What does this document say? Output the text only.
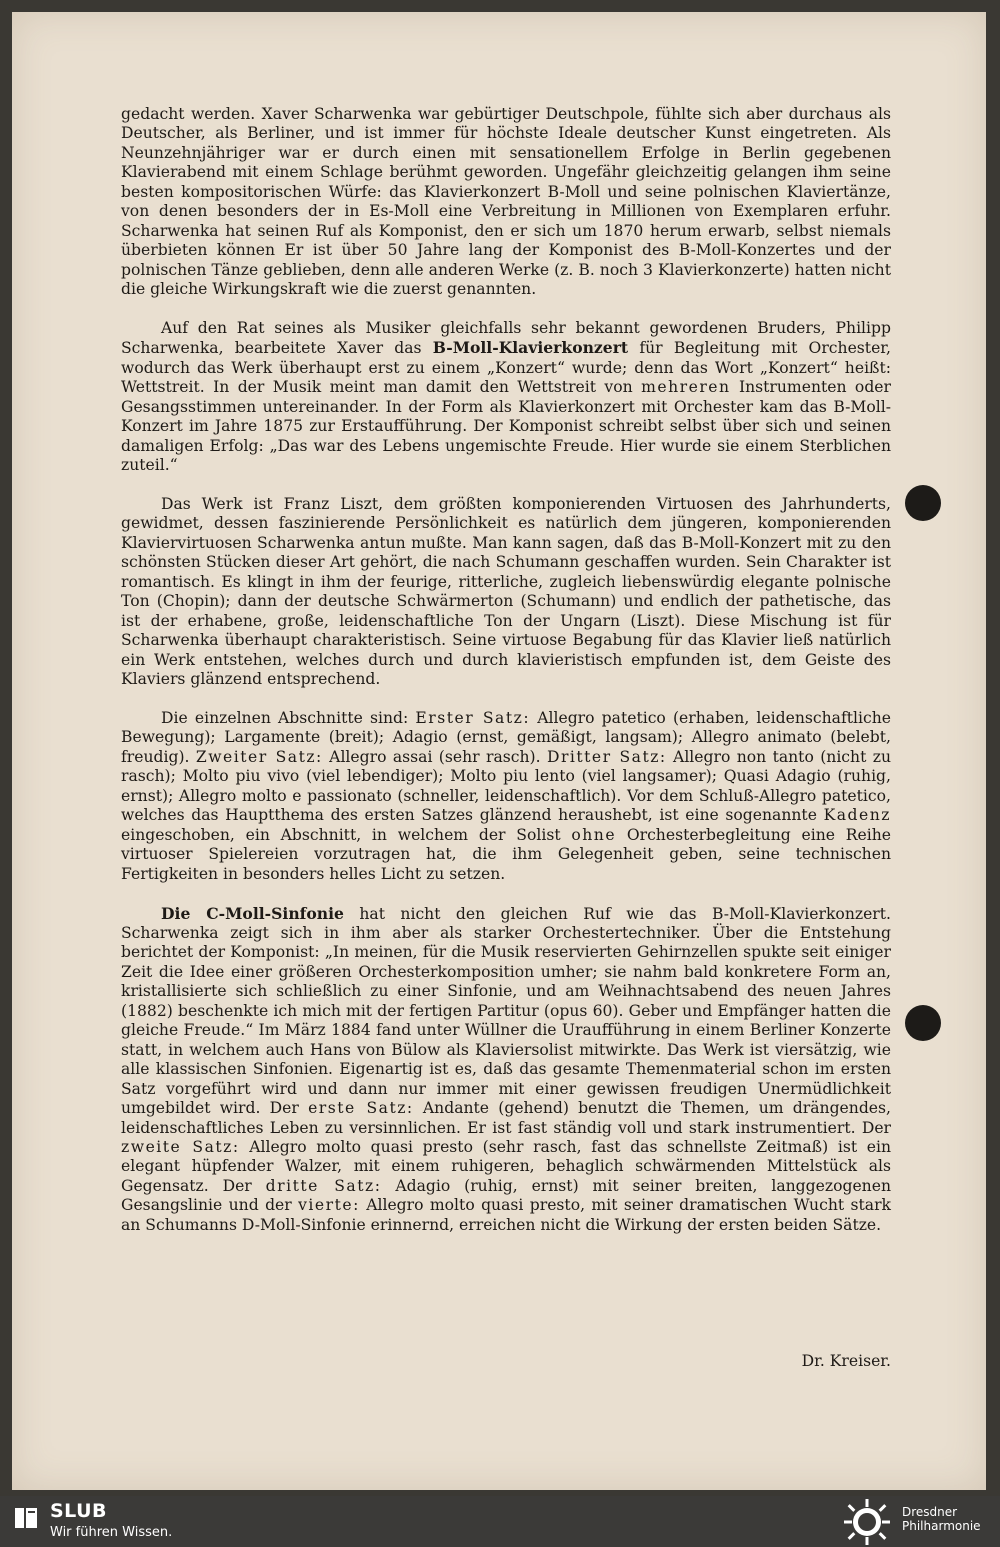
gedacht werden. Xaver Scharwenka war gebürtiger Deutschpole, fühlte sich aber durchaus als Deutscher, als Berliner, und ist immer für höchste Ideale deutscher Kunst eingetreten. Als Neunzehnjähriger war er durch einen mit sensationellem Erfolge in Berlin gegebenen Klavierabend mit einem Schlage berühmt geworden. Ungefähr gleichzeitig gelangen ihm seine besten kompositorischen Würfe: das Klavierkonzert B-Moll und seine polnischen Klaviertänze, von denen besonders der in Es-Moll eine Verbreitung in Millionen von Exemplaren erfuhr. Scharwenka hat seinen Ruf als Komponist, den er sich um 1870 herum erwarb, selbst niemals überbieten können Er ist über 50 Jahre lang der Komponist des B-Moll-Konzertes und der polnischen Tänze geblieben, denn alle anderen Werke (z. B. noch 3 Klavierkonzerte) hatten nicht die gleiche Wirkungskraft wie die zuerst genannten.

Auf den Rat seines als Musiker gleichfalls sehr bekannt gewordenen Bruders, Philipp Scharwenka, bearbeitete Xaver das B-Moll-Klavierkonzert für Begleitung mit Orchester, wodurch das Werk überhaupt erst zu einem „Konzert“ wurde; denn das Wort „Konzert“ heißt: Wettstreit. In der Musik meint man damit den Wettstreit von mehreren Instrumenten oder Gesangsstimmen untereinander. In der Form als Klavierkonzert mit Orchester kam das B-Moll-Konzert im Jahre 1875 zur Erstaufführung. Der Komponist schreibt selbst über sich und seinen damaligen Erfolg: „Das war des Lebens ungemischte Freude. Hier wurde sie einem Sterblichen zuteil.“

Das Werk ist Franz Liszt, dem größten komponierenden Virtuosen des Jahrhunderts, gewidmet, dessen faszinierende Persönlichkeit es natürlich dem jüngeren, komponierenden Klaviervirtuosen Scharwenka antun mußte. Man kann sagen, daß das B-Moll-Konzert mit zu den schönsten Stücken dieser Art gehört, die nach Schumann geschaffen wurden. Sein Charakter ist romantisch. Es klingt in ihm der feurige, ritterliche, zugleich liebenswürdig elegante polnische Ton (Chopin); dann der deutsche Schwärmerton (Schumann) und endlich der pathetische, das ist der erhabene, große, leidenschaftliche Ton der Ungarn (Liszt). Diese Mischung ist für Scharwenka überhaupt charakteristisch. Seine virtuose Begabung für das Klavier ließ natürlich ein Werk entstehen, welches durch und durch klavieristisch empfunden ist, dem Geiste des Klaviers glänzend entsprechend.

Die einzelnen Abschnitte sind: Erster Satz: Allegro patetico (erhaben, leidenschaftliche Bewegung); Largamente (breit); Adagio (ernst, gemäßigt, langsam); Allegro animato (belebt, freudig). Zweiter Satz: Allegro assai (sehr rasch). Dritter Satz: Allegro non tanto (nicht zu rasch); Molto piu vivo (viel lebendiger); Molto piu lento (viel langsamer); Quasi Adagio (ruhig, ernst); Allegro molto e passionato (schneller, leidenschaftlich). Vor dem Schluß-Allegro patetico, welches das Hauptthema des ersten Satzes glänzend heraushebt, ist eine sogenannte Kadenz eingeschoben, ein Abschnitt, in welchem der Solist ohne Orchesterbegleitung eine Reihe virtuoser Spielereien vorzutragen hat, die ihm Gelegenheit geben, seine technischen Fertigkeiten in besonders helles Licht zu setzen.

Die C-Moll-Sinfonie hat nicht den gleichen Ruf wie das B-Moll-Klavierkonzert. Scharwenka zeigt sich in ihm aber als starker Orchestertechniker. Über die Entstehung berichtet der Komponist: „In meinen, für die Musik reservierten Gehirnzellen spukte seit einiger Zeit die Idee einer größeren Orchesterkomposition umher; sie nahm bald konkretere Form an, kristallisierte sich schließlich zu einer Sinfonie, und am Weihnachtsabend des neuen Jahres (1882) beschenkte ich mich mit der fertigen Partitur (opus 60). Geber und Empfänger hatten die gleiche Freude.“ Im März 1884 fand unter Wüllner die Uraufführung in einem Berliner Konzerte statt, in welchem auch Hans von Bülow als Klaviersolist mitwirkte. Das Werk ist viersätzig, wie alle klassischen Sinfonien. Eigenartig ist es, daß das gesamte Themenmaterial schon im ersten Satz vorgeführt wird und dann nur immer mit einer gewissen freudigen Unermüdlichkeit umgebildet wird. Der erste Satz: Andante (gehend) benutzt die Themen, um drängendes, leidenschaftliches Leben zu versinnlichen. Er ist fast ständig voll und stark instrumentiert. Der zweite Satz: Allegro molto quasi presto (sehr rasch, fast das schnellste Zeitmaß) ist ein elegant hüpfender Walzer, mit einem ruhigeren, behaglich schwärmenden Mittelstück als Gegensatz. Der dritte Satz: Adagio (ruhig, ernst) mit seiner breiten, langgezogenen Gesangslinie und der vierte: Allegro molto quasi presto, mit seiner dramatischen Wucht stark an Schumanns D-Moll-Sinfonie erinnernd, erreichen nicht die Wirkung der ersten beiden Sätze.

Dr. Kreiser.
SLUB
Wir führen Wissen.
Dresdner
Philharmonie
